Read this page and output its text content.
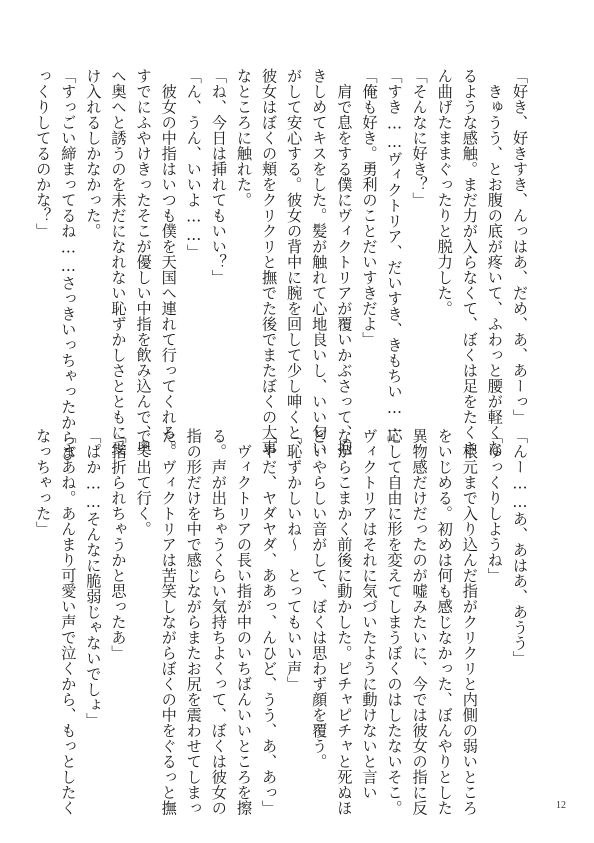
「好き、好きすき、んっはあ、だめ、あ、あーっ」
　きゅうう、とお腹の底が疼いて、ふわっと腰が軽くな
るような感触。まだ力が入らなくて、ぼくは足をたくさ
ん曲げたままぐったりと脱力した。
「そんなに好き？」
「すき……ヴィクトリア、だいすき、きもちい……」
「俺も好き。勇利のことだいすきだよ」
　肩で息をする僕にヴィクトリアが覆いかぶさって、抱
きしめてキスをした。髪が触れて心地良いし、いい匂い
がして安心する。彼女の背中に腕を回して少し呻くと、
彼女はぼくの頬をクリクリと撫でた後でまたぼくの大事
なところに触れた。
「ね、今日は挿れてもいい？」
「ん、うん、いいよ……」
　彼女の中指はいつも僕を天国へ連れて行ってくれる。
すでにふやけきったそこが優しい中指を飲み込んで、奥
へ奥へと誘うのを未だになれない恥ずかしさとともに受
け入れるしかなかった。
「すっごい締まってるね……さっきいっちゃったからび
っくりしてるのかな？」
「んー……あ、あはあ、あうう」
「ゆっくりしようね」
　根元まで入り込んだ指がクリクリと内側の弱いところ
をいじめる。初めは何も感じなかった、ぼんやりとした
異物感だけだったのが嘘みたいに、今では彼女の指に反
応して自由に形を変えてしまうぼくのはしたないそこ。
ヴィクトリアはそれに気づいたように動けないと言い
ながらこまかく前後に動かした。ピチャピチャと死ぬほ
どいやらしい音がして、ぼくは思わず顔を覆う。
「恥ずかしいね〜　とってもいい声」
「やだ、ヤダヤダ、ああっ、んひど、うう、あ、あっ」
　ヴィクトリアの長い指が中のいちばんいいところを擦
る。声が出ちゃうくらい気持ちよくって、ぼくは彼女の
指の形だけを中で感じながらまたお尻を震わせてしまっ
た。ヴィクトリアは苦笑しながらぼくの中をぐるっと撫
でて出て行く。
「指折られちゃうかと思ったあ」
「ぱか……そんなに脆弱じゃないでしょ」
「まあね。あんまり可愛い声で泣くから、もっとしたく
なっちゃった」
12
